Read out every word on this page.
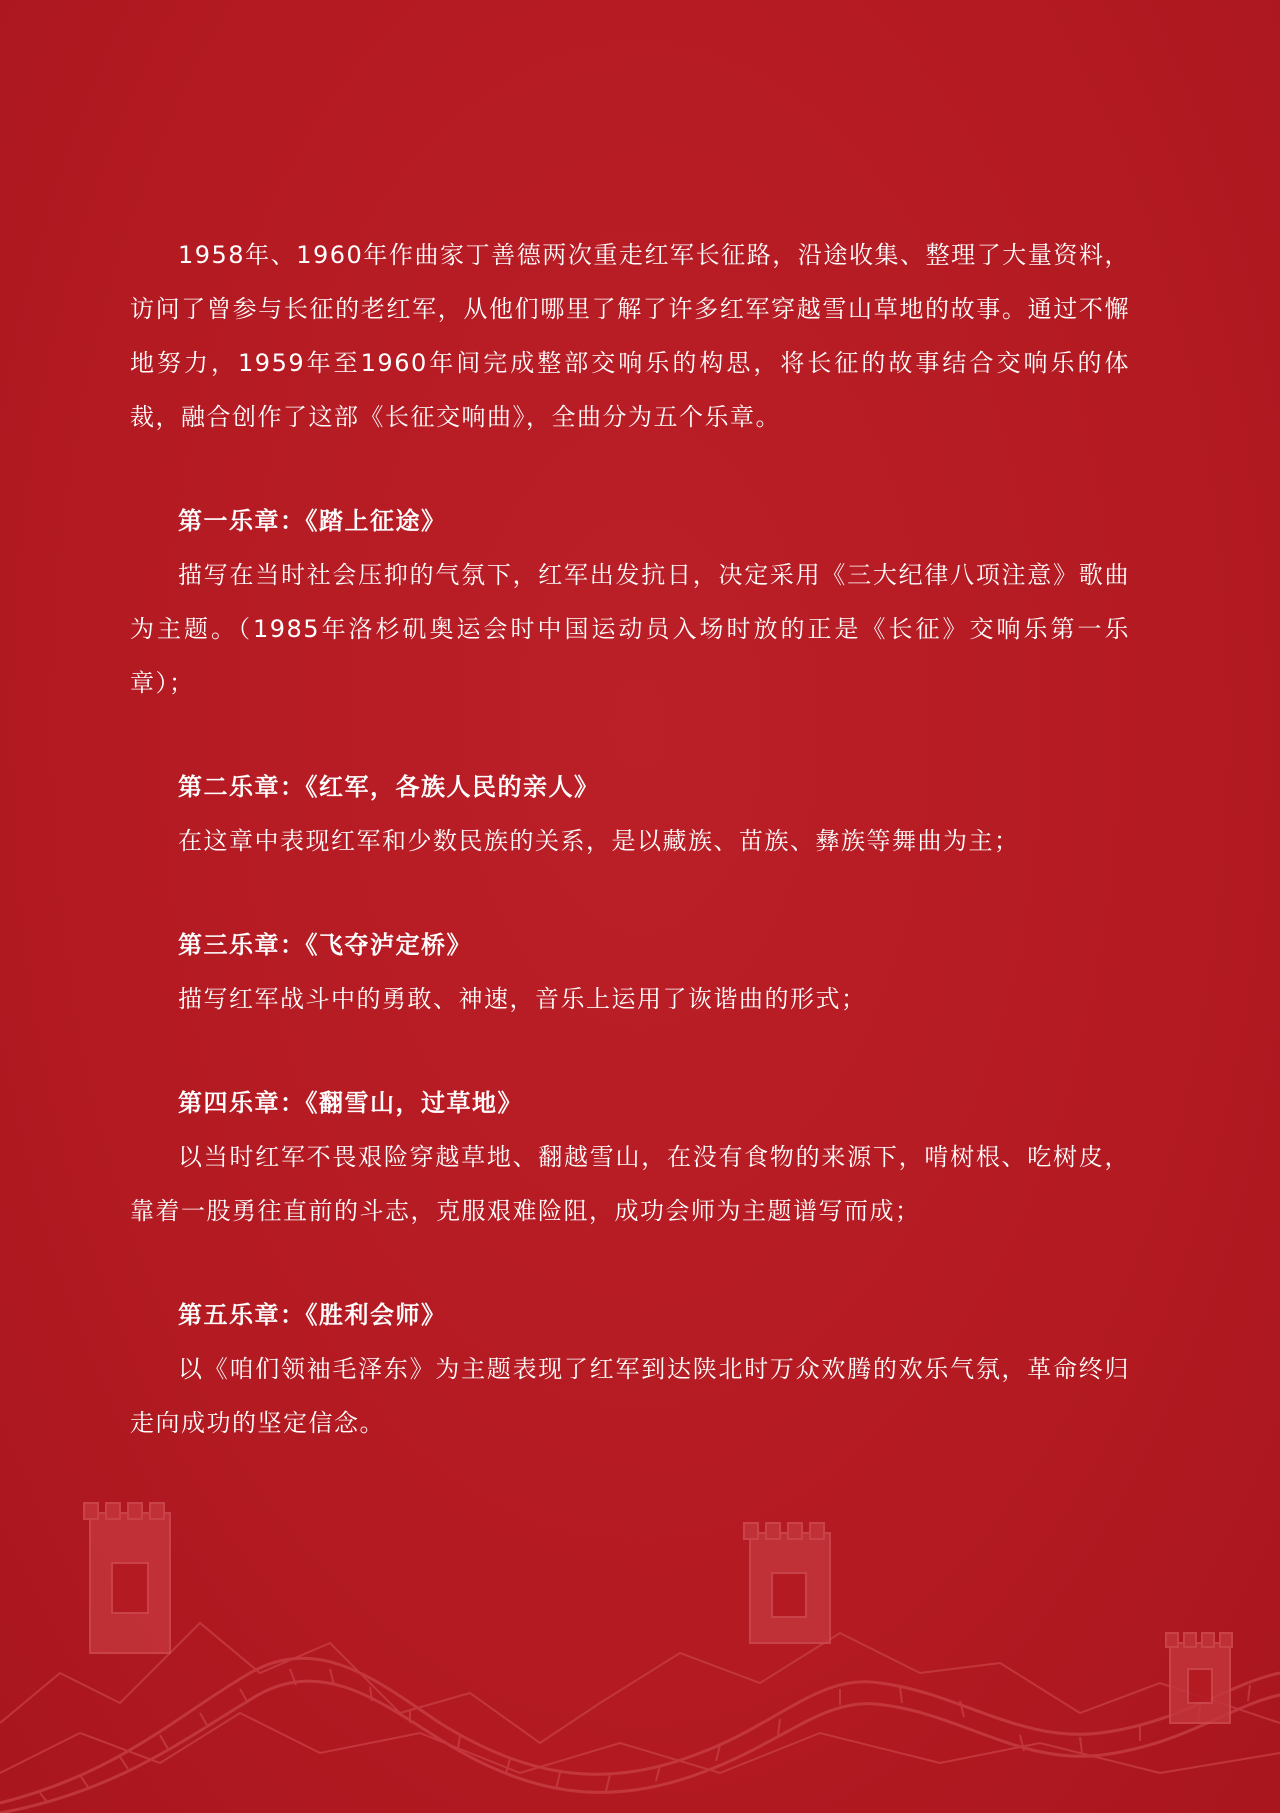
1958年、1960年作曲家丁善德两次重走红军长征路，沿途收集、整理了大量资料，访问了曾参与长征的老红军，从他们哪里了解了许多红军穿越雪山草地的故事。通过不懈地努力，1959年至1960年间完成整部交响乐的构思，将长征的故事结合交响乐的体裁，融合创作了这部《长征交响曲》，全曲分为五个乐章。

第一乐章：《踏上征途》

描写在当时社会压抑的气氛下，红军出发抗日，决定采用《三大纪律八项注意》歌曲为主题。（1985年洛杉矶奥运会时中国运动员入场时放的正是《长征》交响乐第一乐章）；

第二乐章：《红军，各族人民的亲人》

在这章中表现红军和少数民族的关系，是以藏族、苗族、彝族等舞曲为主；

第三乐章：《飞夺泸定桥》

描写红军战斗中的勇敢、神速，音乐上运用了诙谐曲的形式；

第四乐章：《翻雪山，过草地》

以当时红军不畏艰险穿越草地、翻越雪山，在没有食物的来源下，啃树根、吃树皮，靠着一股勇往直前的斗志，克服艰难险阻，成功会师为主题谱写而成；

第五乐章：《胜利会师》

以《咱们领袖毛泽东》为主题表现了红军到达陕北时万众欢腾的欢乐气氛，革命终归走向成功的坚定信念。
